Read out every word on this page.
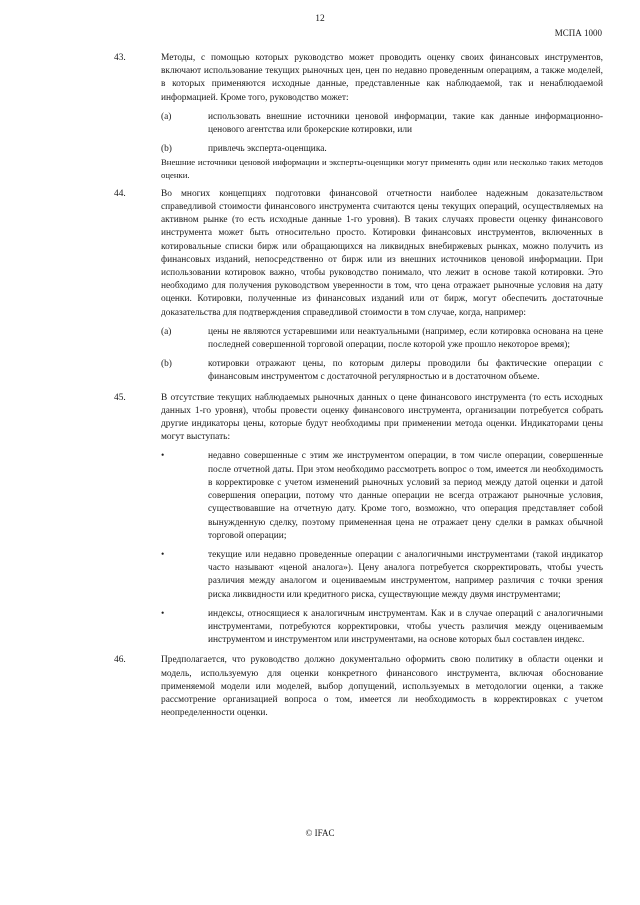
12
МСПА 1000
43.	Методы, с помощью которых руководство может проводить оценку своих финансовых инструментов, включают использование текущих рыночных цен, цен по недавно проведенным операциям, а также моделей, в которых применяются исходные данные, представленные как наблюдаемой, так и ненаблюдаемой информацией. Кроме того, руководство может:

(а)	использовать внешние источники ценовой информации, такие как данные информационно-ценового агентства или брокерские котировки, или
(b)	привлечь эксперта-оценщика.

Внешние источники ценовой информации и эксперты-оценщики могут применять один или несколько таких методов оценки.

44.	Во многих концепциях подготовки финансовой отчетности наиболее надежным доказательством справедливой стоимости финансового инструмента считаются цены текущих операций, осуществляемых на активном рынке (то есть исходные данные 1-го уровня). В таких случаях провести оценку финансового инструмента может быть относительно просто. Котировки финансовых инструментов, включенных в котировальные списки бирж или обращающихся на ликвидных внебиржевых рынках, можно получить из финансовых изданий, непосредственно от бирж или из внешних источников ценовой информации. При использовании котировок важно, чтобы руководство понимало, что лежит в основе такой котировки. Это необходимо для получения руководством уверенности в том, что цена отражает рыночные условия на дату оценки. Котировки, полученные из финансовых изданий или от бирж, могут обеспечить достаточные доказательства для подтверждения справедливой стоимости в том случае, когда, например:

(а)	цены не являются устаревшими или неактуальными (например, если котировка основана на цене последней совершенной торговой операции, после которой уже прошло некоторое время);
(b)	котировки отражают цены, по которым дилеры проводили бы фактические операции с финансовым инструментом с достаточной регулярностью и в достаточном объеме.
45.	В отсутствие текущих наблюдаемых рыночных данных о цене финансового инструмента (то есть исходных данных 1-го уровня), чтобы провести оценку финансового инструмента, организации потребуется собрать другие индикаторы цены, которые будут необходимы при применении метода оценки. Индикаторами цены могут выступать:

•	недавно совершенные с этим же инструментом операции, в том числе операции, совершенные после отчетной даты. При этом необходимо рассмотреть вопрос о том, имеется ли необходимость в корректировке с учетом изменений рыночных условий за период между датой оценки и датой совершения операции, потому что данные операции не всегда отражают рыночные условия, существовавшие на отчетную дату. Кроме того, возможно, что операция представляет собой вынужденную сделку, поэтому примененная цена не отражает цену сделки в рамках обычной торговой операции;
•	текущие или недавно проведенные операции с аналогичными инструментами (такой индикатор часто называют «ценой аналога»). Цену аналога потребуется скорректировать, чтобы учесть различия между аналогом и оцениваемым инструментом, например различия с точки зрения риска ликвидности или кредитного риска, существующие между двумя инструментами;
•	индексы, относящиеся к аналогичным инструментам. Как и в случае операций с аналогичными инструментами, потребуются корректировки, чтобы учесть различия между оцениваемым инструментом и инструментом или инструментами, на основе которых был составлен индекс.
46.	Предполагается, что руководство должно документально оформить свою политику в области оценки и модель, используемую для оценки конкретного финансового инструмента, включая обоснование применяемой модели или моделей, выбор допущений, используемых в методологии оценки, а также рассмотрение организацией вопроса о том, имеется ли необходимость в корректировках с учетом неопределенности оценки.

© IFAC
